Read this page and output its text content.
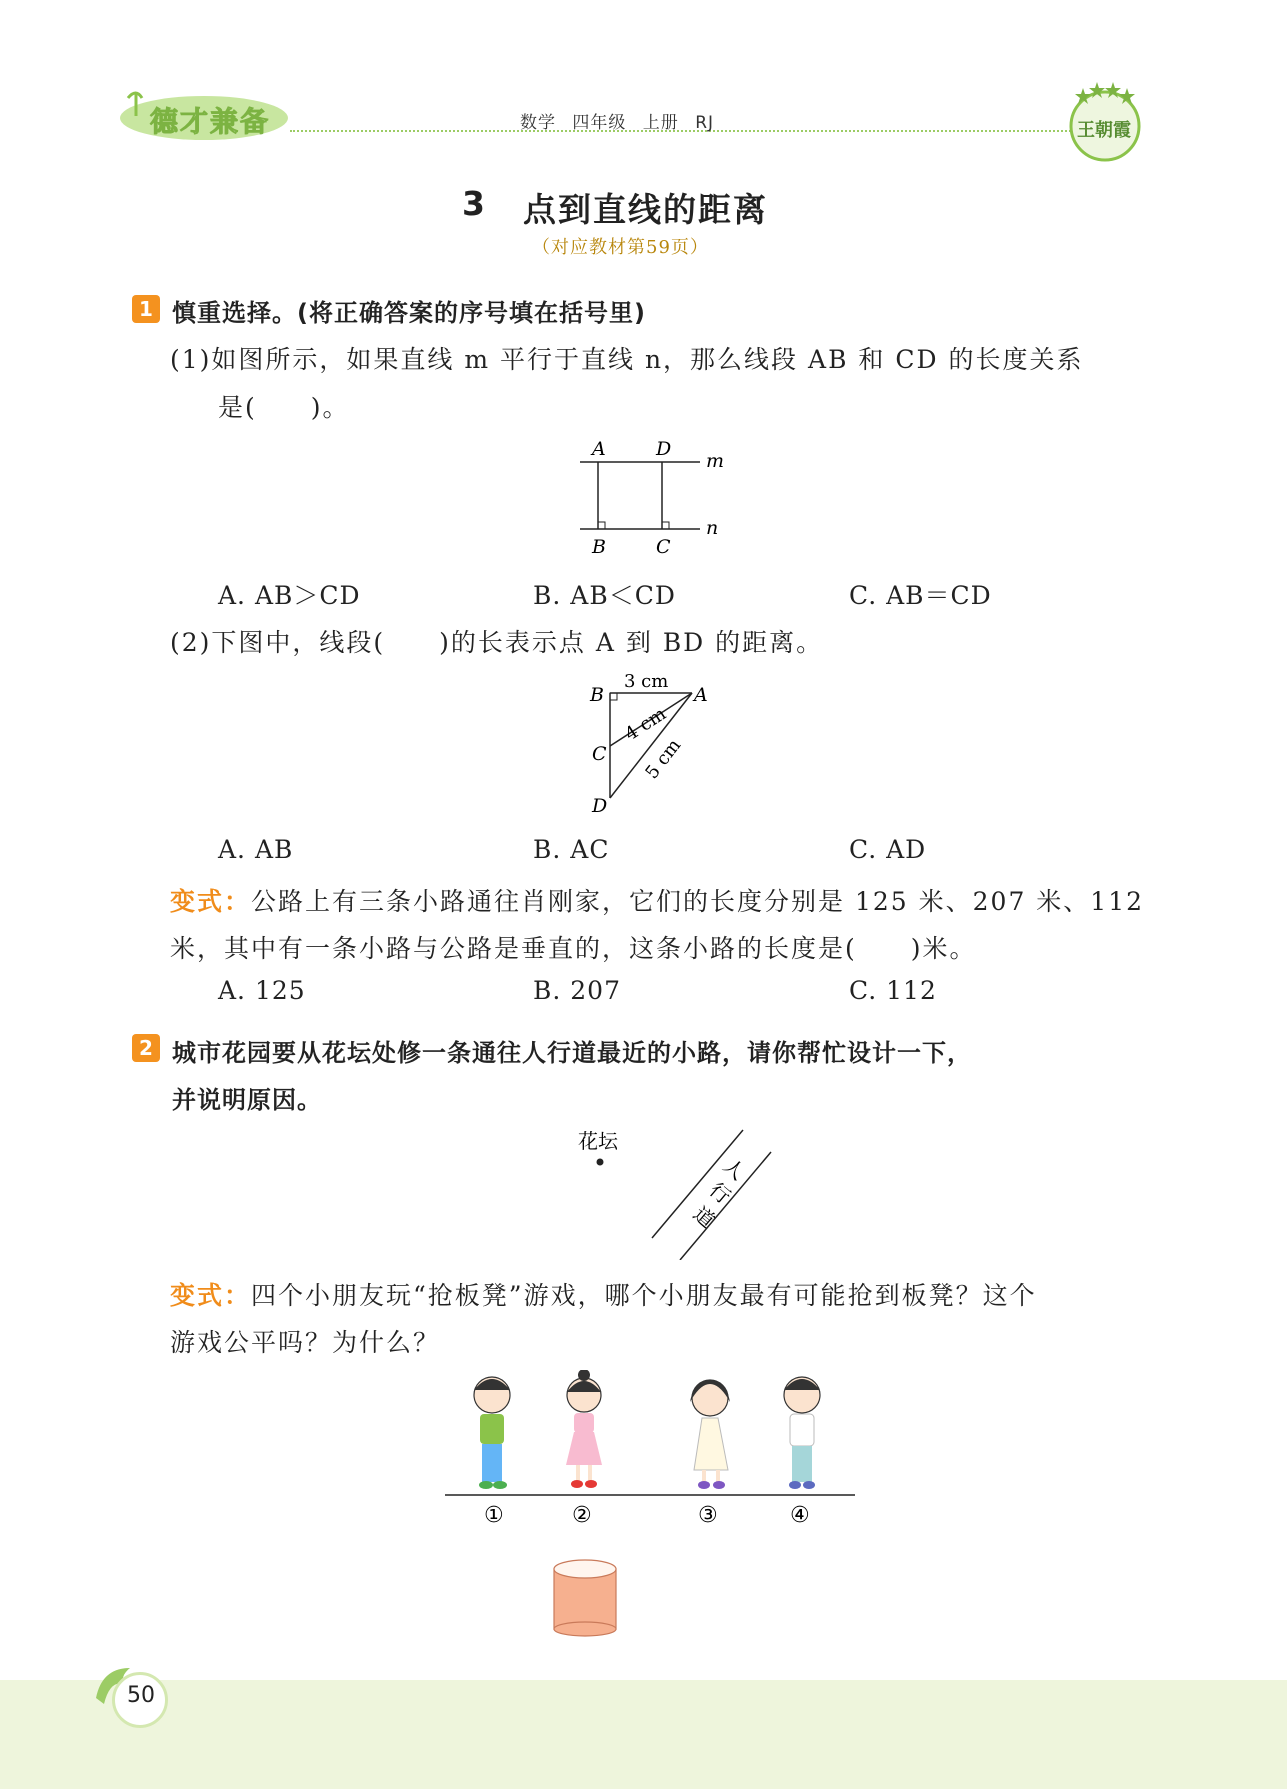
德才兼备	数学 四年级 上册 RJ	王朝霞
3 点到直线的距离
（对应教材第59页）
1 慎重选择。(将正确答案的序号填在括号里)
(1)如图所示，如果直线 m 平行于直线 n，那么线段 AB 和 CD 的长度关系
是(　　)。
A	D
B	C
m
n
A. AB＞CD	B. AB＜CD	C. AB＝CD
(2)下图中，线段(　　)的长表示点 A 到 BD 的距离。
B	A
C
D
3 cm
4 cm
5 cm
A. AB	B. AC	C. AD
变式：公路上有三条小路通往肖刚家，它们的长度分别是 125 米、207 米、112
米，其中有一条小路与公路是垂直的，这条小路的长度是(　　)米。
A. 125	B. 207	C. 112
2 城市花园要从花坛处修一条通往人行道最近的小路，请你帮忙设计一下，
并说明原因。
花坛
人
行
道
变式：四个小朋友玩“抢板凳”游戏，哪个小朋友最有可能抢到板凳？这个
游戏公平吗？为什么？
①	②	③	④
50
